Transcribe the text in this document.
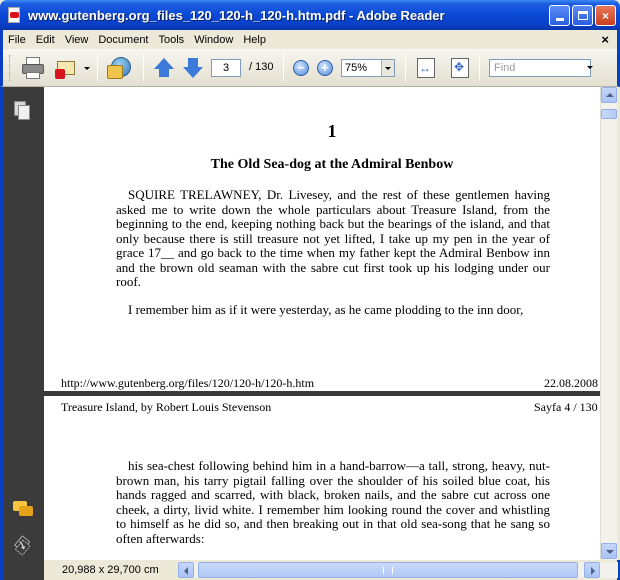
www.gutenberg.org_files_120_120-h_120-h.htm.pdf - Adobe Reader	×
File Edit View Document Tools Window Help	×
3	/ 130	−	+	75% ↔ ✥	Find
⎘
1
The Old Sea-dog at the Admiral Benbow
SQUIRE TRELAWNEY, Dr. Livesey, and the rest of these gentlemen having asked me to write down the whole particulars about Treasure Island, from the beginning to the end, keeping nothing back but the bearings of the island, and that only because there is still treasure not yet lifted, I take up my pen in the year of grace 17__ and go back to the time when my father kept the Admiral Benbow inn and the brown old seaman with the sabre cut first took up his lodging under our roof.
I remember him as if it were yesterday, as he came plodding to the inn door,
http://www.gutenberg.org/files/120/120-h/120-h.htm	22.08.2008
Treasure Island, by Robert Louis Stevenson	Sayfa 4 / 130
his sea-chest following behind him in a hand-barrow—a tall, strong, heavy, nut-brown man, his tarry pigtail falling over the shoulder of his soiled blue coat, his hands ragged and scarred, with black, broken nails, and the sabre cut across one cheek, a dirty, livid white. I remember him looking round the cover and whistling to himself as he did so, and then breaking out in that old sea-song that he sang so often afterwards:
20,988 x 29,700 cm
